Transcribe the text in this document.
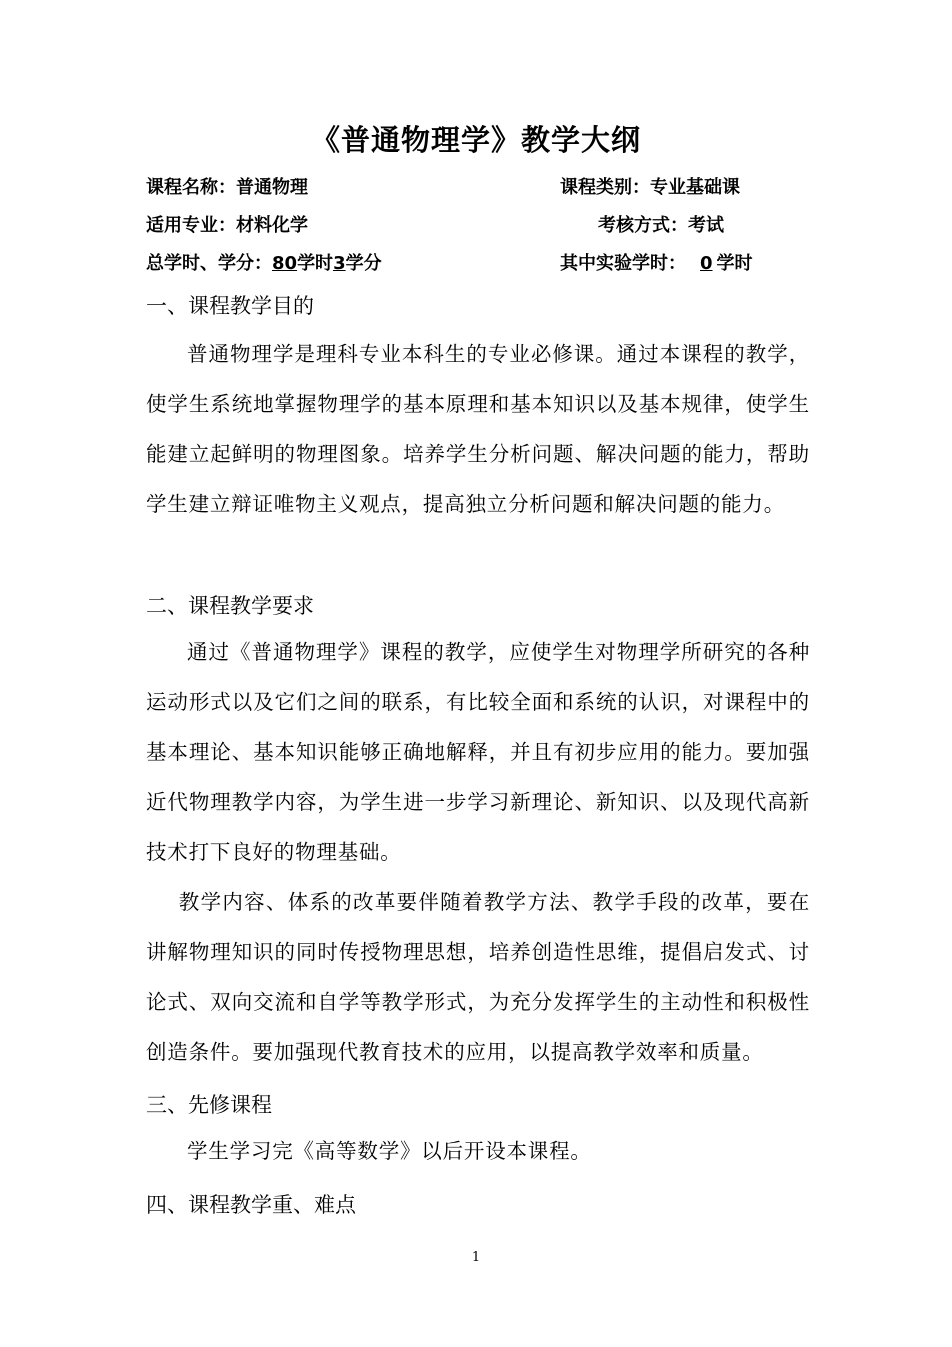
《普通物理学》教学大纲
课程名称：普通物理	课程类别：专业基础课
适用专业：材料化学	考核方式：考试
总学时、学分：80学时3学分	其中实验学时： 0 学时
一、课程教学目的
普通物理学是理科专业本科生的专业必修课。通过本课程的教学，使学生系统地掌握物理学的基本原理和基本知识以及基本规律，使学生能建立起鲜明的物理图象。培养学生分析问题、解决问题的能力，帮助学生建立辩证唯物主义观点，提高独立分析问题和解决问题的能力。
二、课程教学要求
通过《普通物理学》课程的教学，应使学生对物理学所研究的各种运动形式以及它们之间的联系，有比较全面和系统的认识，对课程中的基本理论、基本知识能够正确地解释，并且有初步应用的能力。要加强近代物理教学内容，为学生进一步学习新理论、新知识、以及现代高新技术打下良好的物理基础。
教学内容、体系的改革要伴随着教学方法、教学手段的改革，要在讲解物理知识的同时传授物理思想，培养创造性思维，提倡启发式、讨论式、双向交流和自学等教学形式，为充分发挥学生的主动性和积极性创造条件。要加强现代教育技术的应用，以提高教学效率和质量。
三、先修课程
学生学习完《高等数学》以后开设本课程。
四、课程教学重、难点
1
